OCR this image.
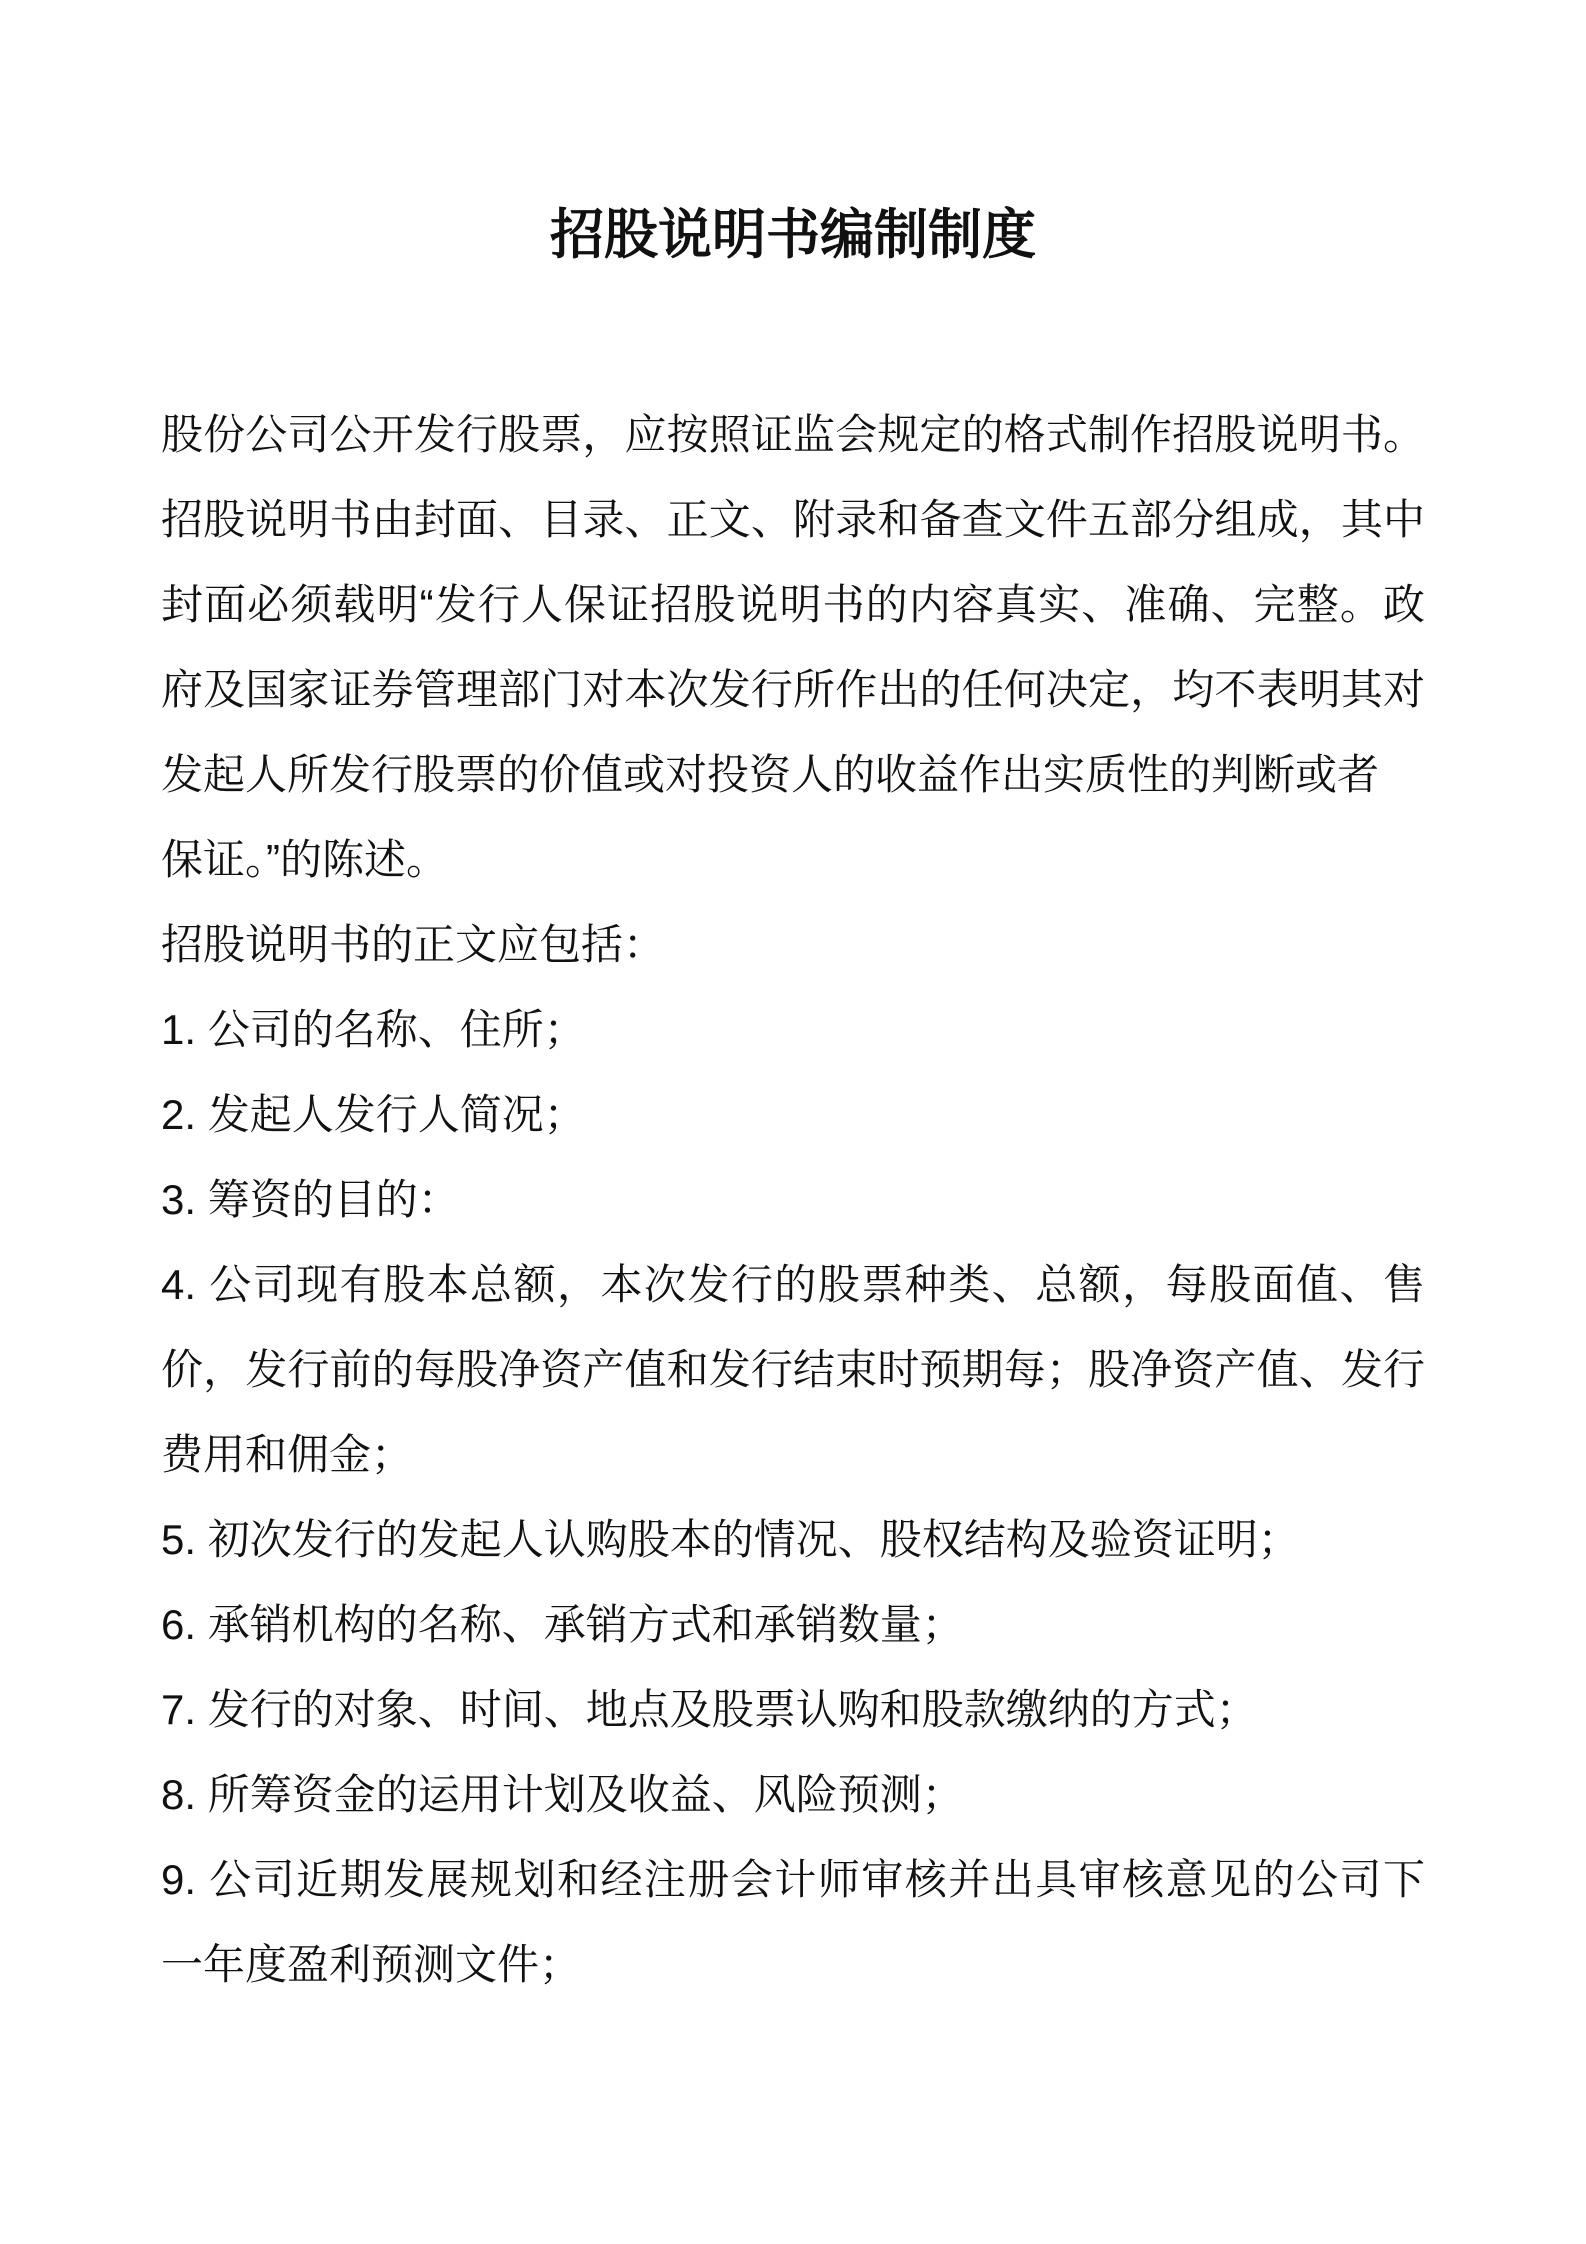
招股说明书编制制度
股份公司公开发行股票，应按照证监会规定的格式制作招股说明书。
招股说明书由封面、目录、正文、附录和备查文件五部分组成，其中
封面必须载明“发行人保证招股说明书的内容真实、准确、完整。政
府及国家证券管理部门对本次发行所作出的任何决定，均不表明其对
发起人所发行股票的价值或对投资人的收益作出实质性的判断或者
保证。”的陈述。
招股说明书的正文应包括：
1. 公司的名称、住所；
2. 发起人发行人简况；
3. 筹资的目的：
4. 公司现有股本总额，本次发行的股票种类、总额，每股面值、售
价，发行前的每股净资产值和发行结束时预期每；股净资产值、发行
费用和佣金；
5. 初次发行的发起人认购股本的情况、股权结构及验资证明；
6. 承销机构的名称、承销方式和承销数量；
7. 发行的对象、时间、地点及股票认购和股款缴纳的方式；
8. 所筹资金的运用计划及收益、风险预测；
9. 公司近期发展规划和经注册会计师审核并出具审核意见的公司下
一年度盈利预测文件；
